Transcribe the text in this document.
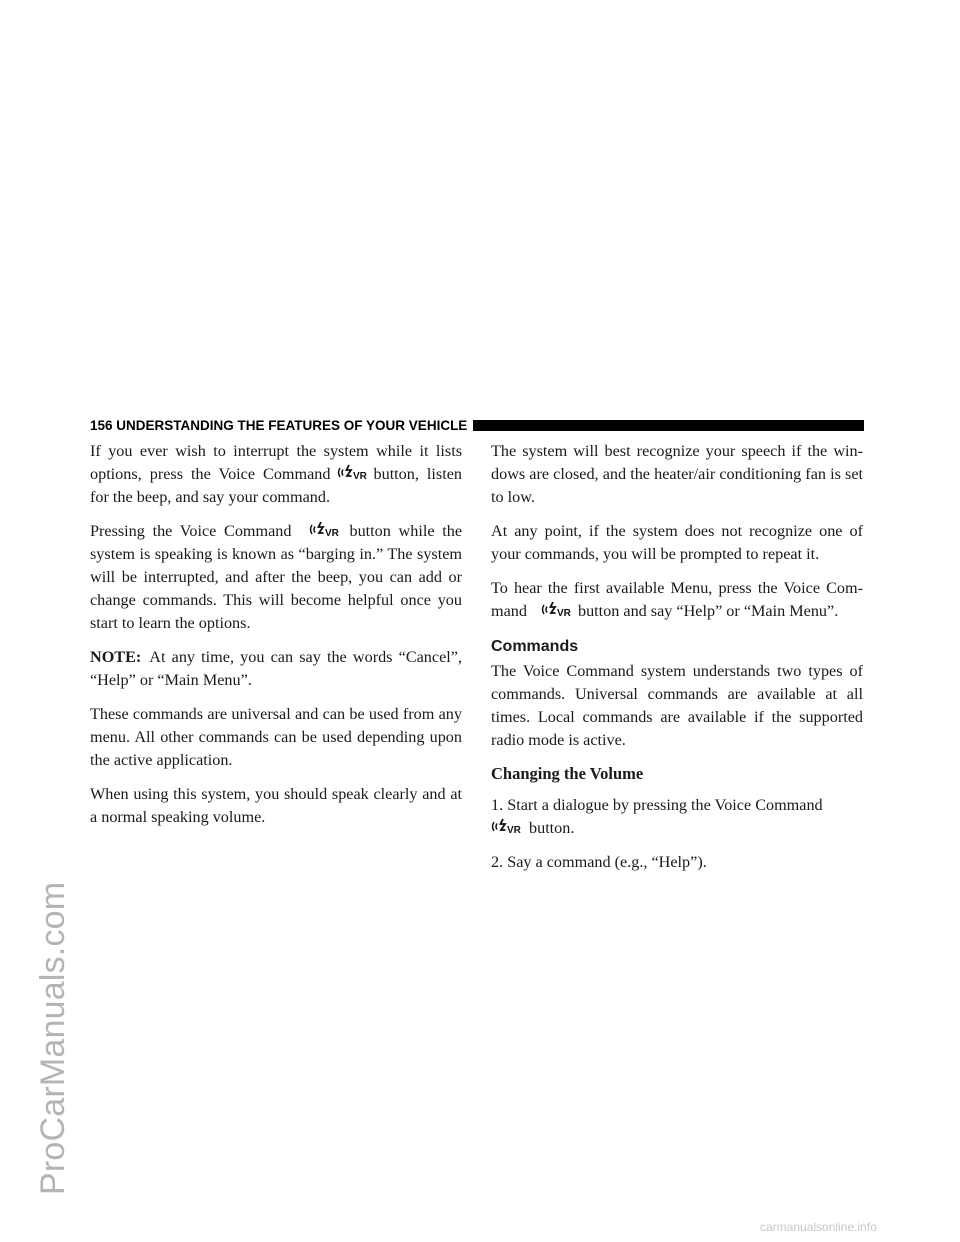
ProCarManuals.com
156 UNDERSTANDING THE FEATURES OF YOUR VEHICLE

If you ever wish to interrupt the system while it lists options, press the Voice Command VR button, listen for the beep, and say your command.

Pressing the Voice Command	VR button while the system is speaking is known as “barging in.” The system will be interrupted, and after the beep, you can add or change commands. This will become helpful once you start to learn the options.

NOTE: At any time, you can say the words “Cancel”, “Help” or “Main Menu”.

These commands are universal and can be used from any menu. All other commands can be used depending upon the active application.

When using this system, you should speak clearly and at a normal speaking volume.

The system will best recognize your speech if the win-dows are closed, and the heater/air conditioning fan is set to low.

At any point, if the system does not recognize one of your commands, you will be prompted to repeat it.

To hear the first available Menu, press the Voice Com-mand	VR button and say “Help” or “Main Menu”.

Commands

The Voice Command system understands two types of commands. Universal commands are available at all times. Local commands are available if the supported radio mode is active.

Changing the Volume

1. Start a dialogue by pressing the Voice Command

VR button.

2. Say a command (e.g., “Help”).

carmanualsonline.info
